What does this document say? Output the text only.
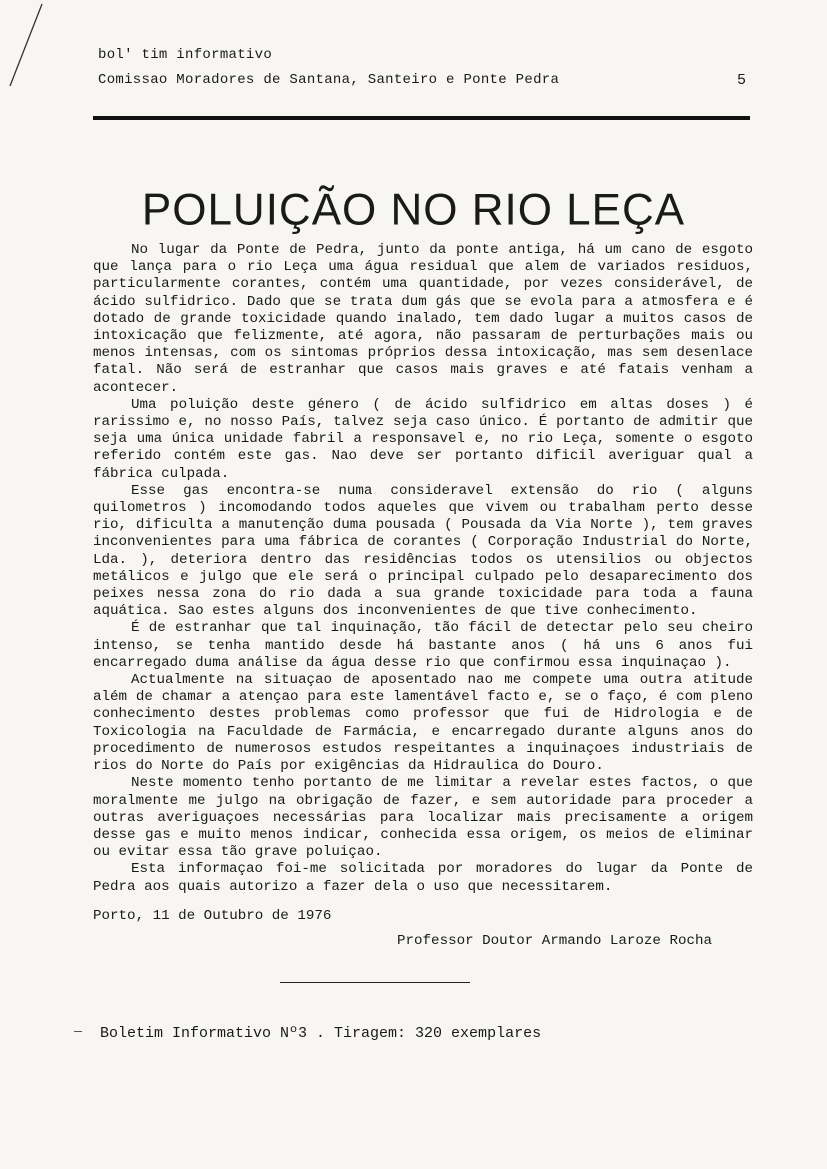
bol' tim informativo
Comissao Moradores de Santana, Santeiro e Ponte Pedra	5
POLUIÇÃO NO RIO LEÇA

No lugar da Ponte de Pedra, junto da ponte antiga, há um cano de esgoto que lança para o rio Leça uma água residual que alem de variados residuos, particularmente corantes, contém uma quantidade, por vezes considerável, de ácido sulfidrico. Dado que se trata dum gás que se evola para a atmosfera e é dotado de grande toxicidade quando inalado, tem dado lugar a muitos casos de intoxicação que felizmente, até agora, não passaram de perturbações mais ou menos intensas, com os sintomas próprios dessa intoxicação, mas sem desenlace fatal. Não será de estranhar que casos mais graves e até fatais venham a acontecer.

Uma poluição deste género ( de ácido sulfidrico em altas doses ) é rarissimo e, no nosso País, talvez seja caso único. É portanto de admitir que seja uma única unidade fabril a responsavel e, no rio Leça, somente o esgoto referido contém este gas. Nao deve ser portanto dificil averiguar qual a fábrica culpada.

Esse gas encontra-se numa consideravel extensão do rio ( alguns quilometros ) incomodando todos aqueles que vivem ou trabalham perto desse rio, dificulta a manutenção duma pousada ( Pousada da Via Norte ), tem graves inconvenientes para uma fábrica de corantes ( Corporação Industrial do Norte, Lda. ), deteriora dentro das residências todos os utensilios ou objectos metálicos e julgo que ele será o principal culpado pelo desaparecimento dos peixes nessa zona do rio dada a sua grande toxicidade para toda a fauna aquática. Sao estes alguns dos inconvenientes de que tive conhecimento.

É de estranhar que tal inquinação, tão fácil de detectar pelo seu cheiro intenso, se tenha mantido desde há bastante anos ( há uns 6 anos fui encarregado duma análise da água desse rio que confirmou essa inquinaçao ).

Actualmente na situaçao de aposentado nao me compete uma outra atitude além de chamar a atençao para este lamentável facto e, se o faço, é com pleno conhecimento destes problemas como professor que fui de Hidrologia e de Toxicologia na Faculdade de Farmácia, e encarregado durante alguns anos do procedimento de numerosos estudos respeitantes a inquinaçoes industriais de rios do Norte do País por exigências da Hidraulica do Douro.

Neste momento tenho portanto de me limitar a revelar estes factos, o que moralmente me julgo na obrigação de fazer, e sem autoridade para proceder a outras averiguaçoes necessárias para localizar mais precisamente a origem desse gas e muito menos indicar, conhecida essa origem, os meios de eliminar ou evitar essa tão grave poluiçao.

Esta informaçao foi-me solicitada por moradores do lugar da Ponte de Pedra aos quais autorizo a fazer dela o uso que necessitarem.

Porto, 11 de Outubro de 1976
Professor Doutor Armando Laroze Rocha
Boletim Informativo Nº3 . Tiragem: 320 exemplares
